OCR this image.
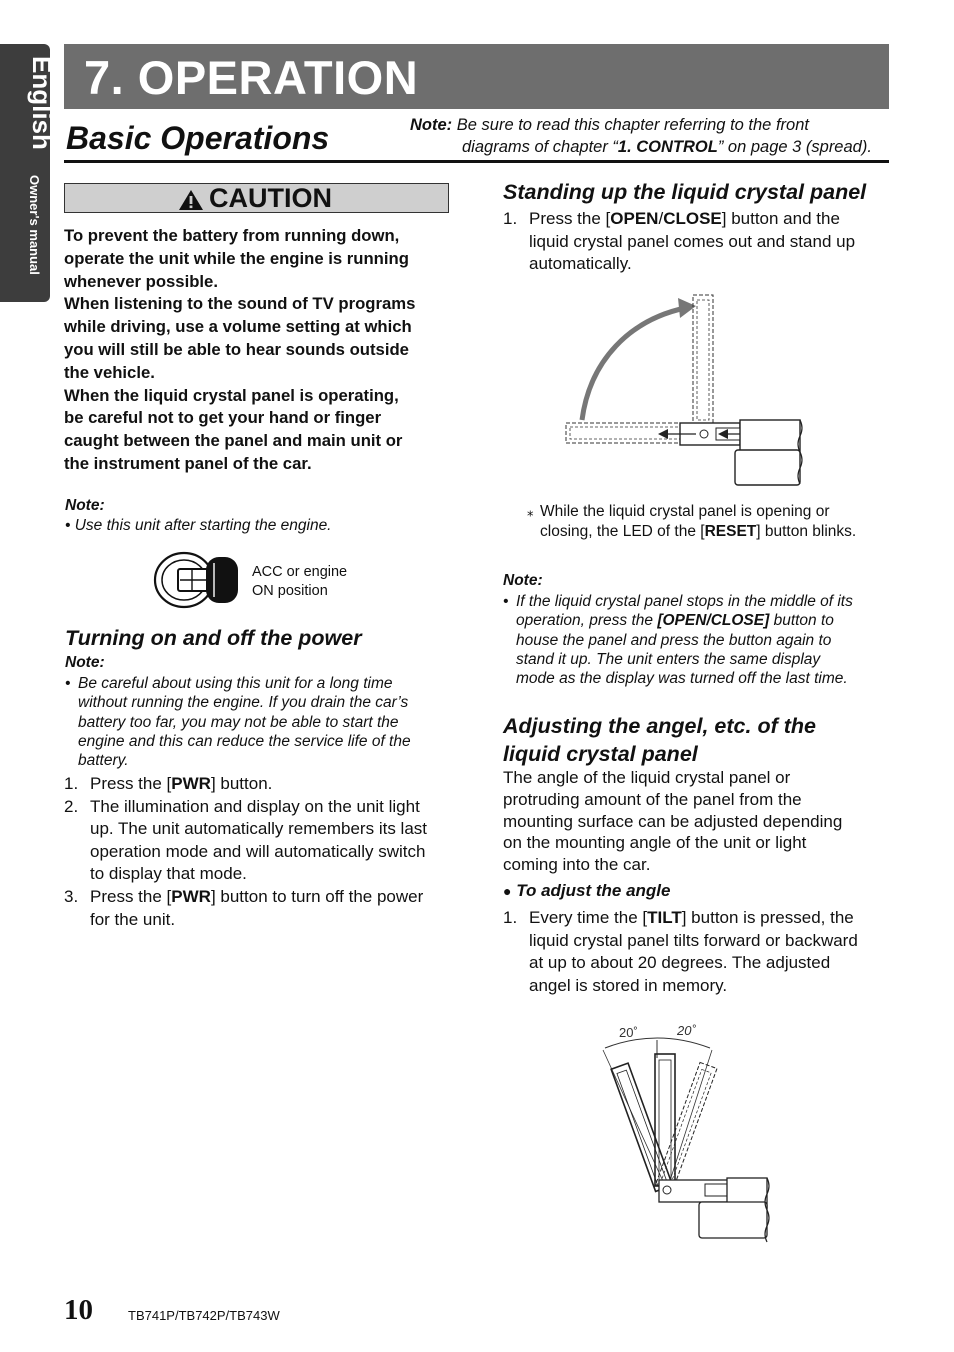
English
Owner's manual
7. OPERATION
Basic Operations	Note: Be sure to read this chapter referring to the front
diagrams of chapter “1. CONTROL” on page 3 (spread).
CAUTION
To prevent the battery from running down,
operate the unit while the engine is running
whenever possible.
When listening to the sound of TV programs
while driving, use a volume setting at which
you will still be able to hear sounds outside
the vehicle.
When the liquid crystal panel is operating,
be careful not to get your hand or finger
caught between the panel and main unit or
the instrument panel of the car.
Note:
• Use this unit after starting the engine.
ACC or engine
ON position
Turning on and off the power
Note:
• Be careful about using this unit for a long time
without running the engine. If you drain the car’s
battery too far, you may not be able to start the
engine and this can reduce the service life of the
battery.
1. Press the [PWR] button.
2. The illumination and display on the unit light
up. The unit automatically remembers its last
operation mode and will automatically switch
to display that mode.
3. Press the [PWR] button to turn off the power
for the unit.
Standing up the liquid crystal panel
1. Press the [OPEN/CLOSE] button and the
liquid crystal panel comes out and stand up
automatically.
⁎ While the liquid crystal panel is opening or
closing, the LED of the [RESET] button blinks.
Note:
• If the liquid crystal panel stops in the middle of its
operation, press the [OPEN/CLOSE] button to
house the panel and press the button again to
stand it up. The unit enters the same display
mode as the display was turned off the last time.
Adjusting the angel, etc. of the
liquid crystal panel
The angle of the liquid crystal panel or
protruding amount of the panel from the
mounting surface can be adjusted depending
on the mounting angle of the unit or light
coming into the car.
● To adjust the angle
1. Every time the [TILT] button is pressed, the
liquid crystal panel tilts forward or backward
at up to about 20 degrees. The adjusted
angel is stored in memory.
20˚	20˚
10	TB741P/TB742P/TB743W
